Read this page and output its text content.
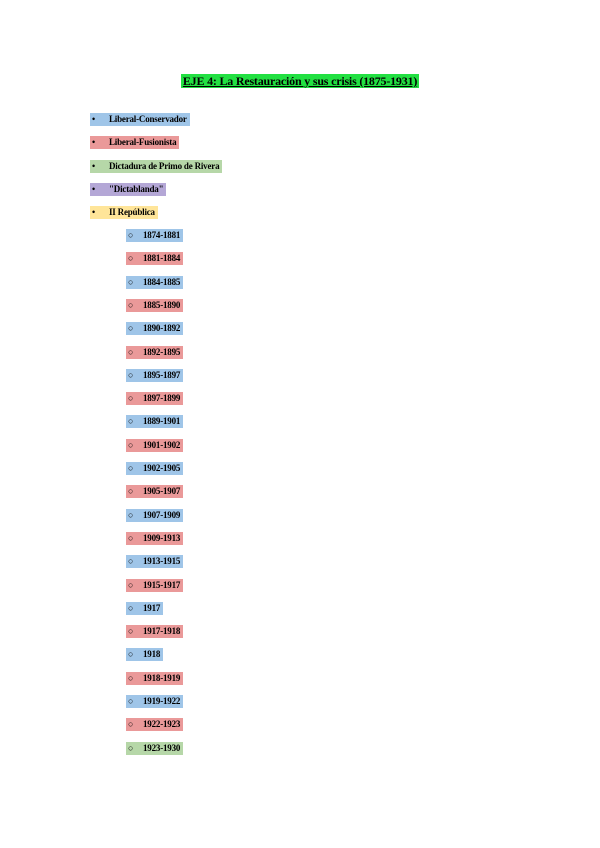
EJE 4: La Restauración y sus crisis (1875-1931)
• Liberal-Conservador
• Liberal-Fusionista
• Dictadura de Primo de Rivera
• "Dictablanda"
• II República
○ 1874-1881
○ 1881-1884
○ 1884-1885
○ 1885-1890
○ 1890-1892
○ 1892-1895
○ 1895-1897
○ 1897-1899
○ 1889-1901
○ 1901-1902
○ 1902-1905
○ 1905-1907
○ 1907-1909
○ 1909-1913
○ 1913-1915
○ 1915-1917
○ 1917
○ 1917-1918
○ 1918
○ 1918-1919
○ 1919-1922
○ 1922-1923
○ 1923-1930
